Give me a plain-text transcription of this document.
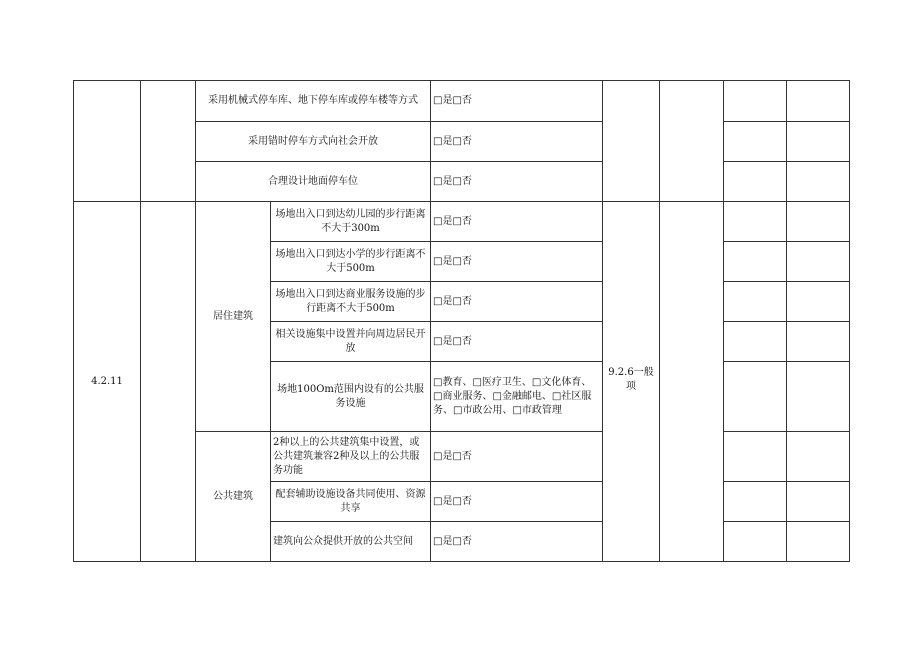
		采用机械式停车库、地下停车库或停车楼等方式		□是□否				
		采用错时停车方式向社会开放		□是□否				
		合理设计地面停车位		□是□否				
4.2.11		居住建筑	场地出入口到达幼儿园的步行距离不大于300m	□是□否	9.2.6一般项			
			场地出入口到达小学的步行距离不大于500m	□是□否				
			场地出入口到达商业服务设施的步行距离不大于500m	□是□否				
			相关设施集中设置并向周边居民开放	□是□否				
			场地100Om范围内设有的公共服务设施	□教育、□医疗卫生、□文化体育、□商业服务、□金融邮电、□社区服务、□市政公用、□市政管理				

		公共建筑	2种以上的公共建筑集中设置，或公共建筑兼容2种及以上的公共服务功能	□是□否				
			配套辅助设施设备共同使用、资源共享	□是□否				
			建筑向公众提供开放的公共空间	□是□否				
